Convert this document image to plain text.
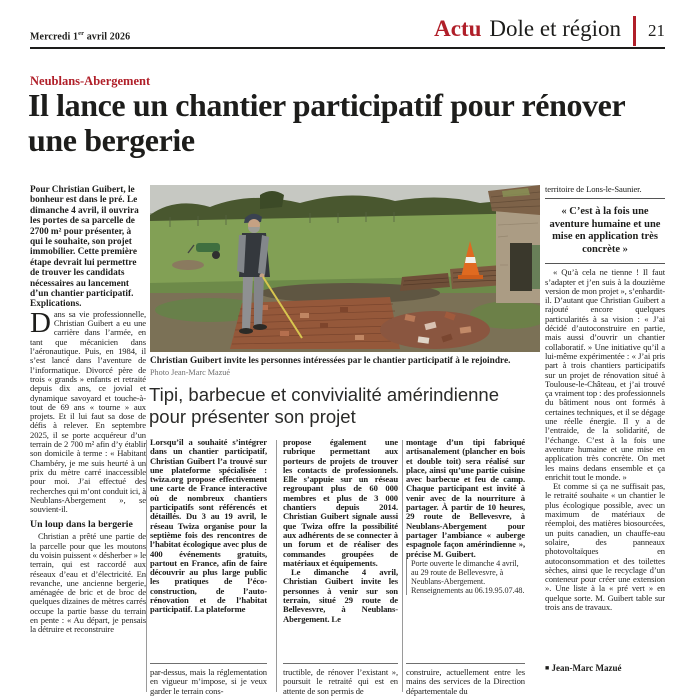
Mercredi 1er avril 2026	Actu Dole et région 21
Neublans-Abergement
Il lance un chantier participatif pour rénover une bergerie

Pour Christian Guibert, le bonheur est dans le pré. Le dimanche 4 avril, il ouvrira les portes de sa parcelle de 2700 m² pour présenter, à qui le souhaite, son projet immobilier. Cette première étape devrait lui permettre de trouver les candidats nécessaires au lancement d’un chantier participatif. Explications.

Dans sa vie professionnelle, Christian Guibert a eu une carrière dans l’armée, en tant que mécanicien dans l’aéronautique. Puis, en 1984, il s’est lancé dans l’aventure de l’informatique. Divorcé père de trois « grands » enfants et retraité depuis dix ans, ce jovial et dynamique savoyard et touche-à-tout de 69 ans « tourne » aux projets. Et il lui faut sa dose de défis à relever. En septembre 2025, il se porte acquéreur d’un terrain de 2 700 m² afin d’y établir son domicile à terme : « Habitant Chambéry, je me suis heurté à un prix du mètre carré inaccessible pour moi. J’ai effectué des recherches qui m’ont conduit ici, à Neublans-Abergement », se souvient-il.

Un loup dans la bergerie

Christian a prêté une partie de la parcelle pour que les moutons du voisin puissent « désherber » le terrain, qui est raccordé aux réseaux d’eau et d’électricité. En revanche, une ancienne bergerie, aménagée de bric et de broc de quelques dizaines de mètres carrés occupe la partie basse du terrain en pente : « Au départ, je pensais la détruire et reconstruire

Christian Guibert invite les personnes intéressées par le chantier participatif à le rejoindre.
Photo Jean-Marc Mazué
Tipi, barbecue et convivialité amérindienne pour présenter son projet

Lorsqu’il a souhaité s’intégrer dans un chantier participatif, Christian Guibert l’a trouvé sur une plateforme spécialisée : twiza.org propose effectivement une carte de France interactive où de nombreux chantiers participatifs sont référencés et détaillés. Du 3 au 19 avril, le réseau Twiza organise pour la septième fois des rencontres de l’habitat écologique avec plus de 400 événements gratuits, partout en France, afin de faire découvrir au plus large public les pratiques de l’éco-construction, de l’auto-rénovation et de l’habitat participatif. La plateforme

par-dessus, mais la réglementation en vigueur m’impose, si je veux garder le terrain cons-

propose également une rubrique permettant aux porteurs de projets de trouver les contacts de professionnels. Elle s’appuie sur un réseau regroupant plus de 60 000 membres et plus de 3 000 chantiers depuis 2014. Christian Guibert signale aussi que Twiza offre la possibilité aux adhérents de se connecter à un forum et de réaliser des commandes groupées de matériaux et équipements.

Le dimanche 4 avril, Christian Guibert invite les personnes à venir sur son terrain, situé 29 route de Bellevesvre, à Neublans-Abergement. Le

tructible, de rénover l’existant », poursuit le retraité qui est en attente de son permis de

montage d’un tipi fabriqué artisanalement (plancher en bois et double toit) sera réalisé sur place, ainsi qu’une partie cuisine avec barbecue et feu de camp. Chaque participant est invité à venir avec de la nourriture à partager. À partir de 10 heures, 29 route de Bellevesvre, à Neublans-Abergement pour partager l’ambiance « auberge espagnole façon amérindienne », précise M. Guibert.

Porte ouverte le dimanche 4 avril, au 29 route de Bellevesvre, à Neublans-Abergement. Renseignements au 06.19.95.07.48.

construire, actuellement entre les mains des services de la Direction départementale du

territoire de Lons-le-Saunier.

« C’est à la fois une aventure humaine et une mise en application très concrète »

« Qu’à cela ne tienne ! Il faut s’adapter et j’en suis à la douzième version de mon projet », s’enhardit-il. D’autant que Christian Guibert a rajouté encore quelques particularités à sa vision : « J’ai décidé d’autoconstruire en partie, mais aussi d’ouvrir un chantier collaboratif. » Une initiative qu’il a lui-même expérimentée : « J’ai pris part à trois chantiers participatifs sur un projet de rénovation situé à Toulouse-le-Château, et j’ai trouvé ça vraiment top : des professionnels du bâtiment nous ont formés à certaines techniques, et il se dégage une réelle énergie. Il y a de l’entraide, de la solidarité, de l’échange. C’est à la fois une aventure humaine et une mise en application très concrète. On met les mains dedans ensemble et ça enrichit tout le monde. »

Et comme si ça ne suffisait pas, le retraité souhaite « un chantier le plus écologique possible, avec un maximum de matériaux de réemploi, des matières biosourcées, un puits canadien, un chauffe-eau solaire, des panneaux photovoltaïques en autoconsommation et des toilettes sèches, ainsi que le recyclage d’un conteneur pour créer une extension ». Une liste à la « pré vert » en quelque sorte. M. Guibert table sur trois ans de travaux.

■ Jean-Marc Mazué
